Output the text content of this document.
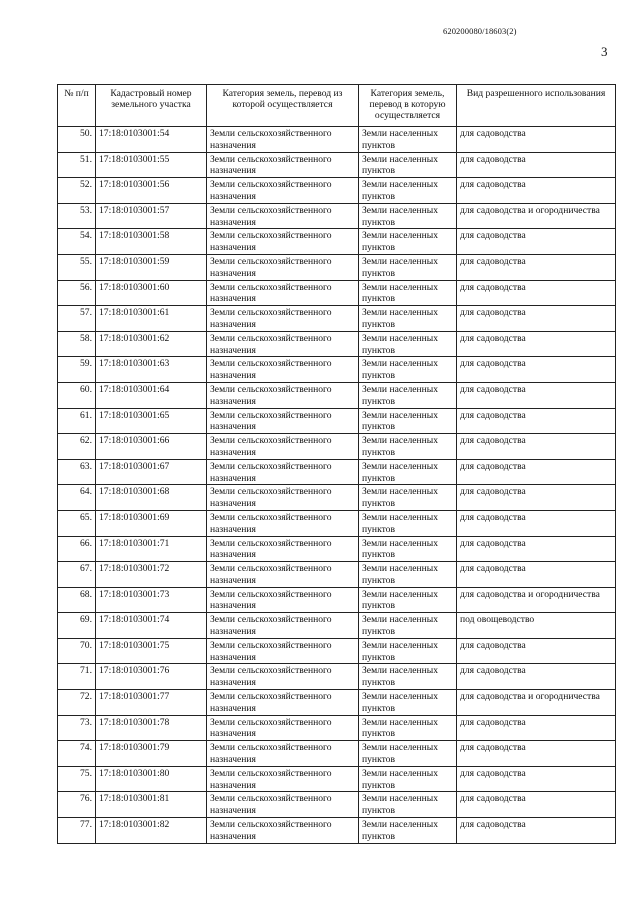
620200080/18603(2)
3
№ п/п	Кадастровый номер земельного участка	Категория земель, перевод из которой осуществляется	Категория земель, перевод в которую осуществляется	Вид разрешенного использования
50.	17:18:0103001:54	Земли сельскохозяйственного назначения	Земли населенных пунктов	для садоводства
51.	17:18:0103001:55	Земли сельскохозяйственного назначения	Земли населенных пунктов	для садоводства
52.	17:18:0103001:56	Земли сельскохозяйственного назначения	Земли населенных пунктов	для садоводства
53.	17:18:0103001:57	Земли сельскохозяйственного назначения	Земли населенных пунктов	для садоводства и огородничества
54.	17:18:0103001:58	Земли сельскохозяйственного назначения	Земли населенных пунктов	для садоводства
55.	17:18:0103001:59	Земли сельскохозяйственного назначения	Земли населенных пунктов	для садоводства
56.	17:18:0103001:60	Земли сельскохозяйственного назначения	Земли населенных пунктов	для садоводства
57.	17:18:0103001:61	Земли сельскохозяйственного назначения	Земли населенных пунктов	для садоводства
58.	17:18:0103001:62	Земли сельскохозяйственного назначения	Земли населенных пунктов	для садоводства
59.	17:18:0103001:63	Земли сельскохозяйственного назначения	Земли населенных пунктов	для садоводства
60.	17:18:0103001:64	Земли сельскохозяйственного назначения	Земли населенных пунктов	для садоводства
61.	17:18:0103001:65	Земли сельскохозяйственного назначения	Земли населенных пунктов	для садоводства
62.	17:18:0103001:66	Земли сельскохозяйственного назначения	Земли населенных пунктов	для садоводства
63.	17:18:0103001:67	Земли сельскохозяйственного назначения	Земли населенных пунктов	для садоводства
64.	17:18:0103001:68	Земли сельскохозяйственного назначения	Земли населенных пунктов	для садоводства
65.	17:18:0103001:69	Земли сельскохозяйственного назначения	Земли населенных пунктов	для садоводства
66.	17:18:0103001:71	Земли сельскохозяйственного назначения	Земли населенных пунктов	для садоводства
67.	17:18:0103001:72	Земли сельскохозяйственного назначения	Земли населенных пунктов	для садоводства
68.	17:18:0103001:73	Земли сельскохозяйственного назначения	Земли населенных пунктов	для садоводства и огородничества
69.	17:18:0103001:74	Земли сельскохозяйственного назначения	Земли населенных пунктов	под овощеводство
70.	17:18:0103001:75	Земли сельскохозяйственного назначения	Земли населенных пунктов	для садоводства
71.	17:18:0103001:76	Земли сельскохозяйственного назначения	Земли населенных пунктов	для садоводства
72.	17:18:0103001:77	Земли сельскохозяйственного назначения	Земли населенных пунктов	для садоводства и огородничества
73.	17:18:0103001:78	Земли сельскохозяйственного назначения	Земли населенных пунктов	для садоводства
74.	17:18:0103001:79	Земли сельскохозяйственного назначения	Земли населенных пунктов	для садоводства
75.	17:18:0103001:80	Земли сельскохозяйственного назначения	Земли населенных пунктов	для садоводства
76.	17:18:0103001:81	Земли сельскохозяйственного назначения	Земли населенных пунктов	для садоводства
77.	17:18:0103001:82	Земли сельскохозяйственного назначения	Земли населенных пунктов	для садоводства
